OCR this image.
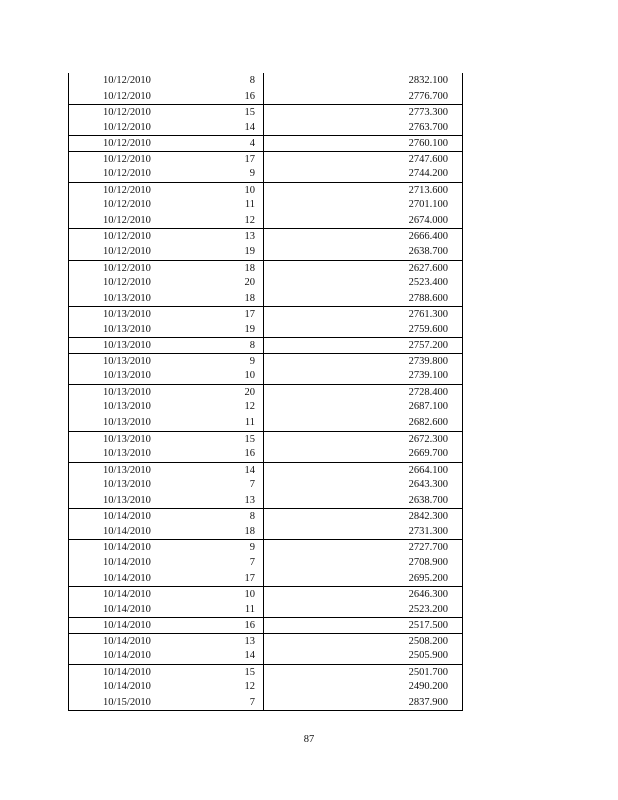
10/12/2010	8	2832.100
10/12/2010	16	2776.700
10/12/2010	15	2773.300
10/12/2010	14	2763.700
10/12/2010	4	2760.100
10/12/2010	17	2747.600
10/12/2010	9	2744.200
10/12/2010	10	2713.600
10/12/2010	11	2701.100
10/12/2010	12	2674.000
10/12/2010	13	2666.400
10/12/2010	19	2638.700
10/12/2010	18	2627.600
10/12/2010	20	2523.400
10/13/2010	18	2788.600
10/13/2010	17	2761.300
10/13/2010	19	2759.600
10/13/2010	8	2757.200
10/13/2010	9	2739.800
10/13/2010	10	2739.100
10/13/2010	20	2728.400
10/13/2010	12	2687.100
10/13/2010	11	2682.600
10/13/2010	15	2672.300
10/13/2010	16	2669.700
10/13/2010	14	2664.100
10/13/2010	7	2643.300
10/13/2010	13	2638.700
10/14/2010	8	2842.300
10/14/2010	18	2731.300
10/14/2010	9	2727.700
10/14/2010	7	2708.900
10/14/2010	17	2695.200
10/14/2010	10	2646.300
10/14/2010	11	2523.200
10/14/2010	16	2517.500
10/14/2010	13	2508.200
10/14/2010	14	2505.900
10/14/2010	15	2501.700
10/14/2010	12	2490.200
10/15/2010	7	2837.900
87
